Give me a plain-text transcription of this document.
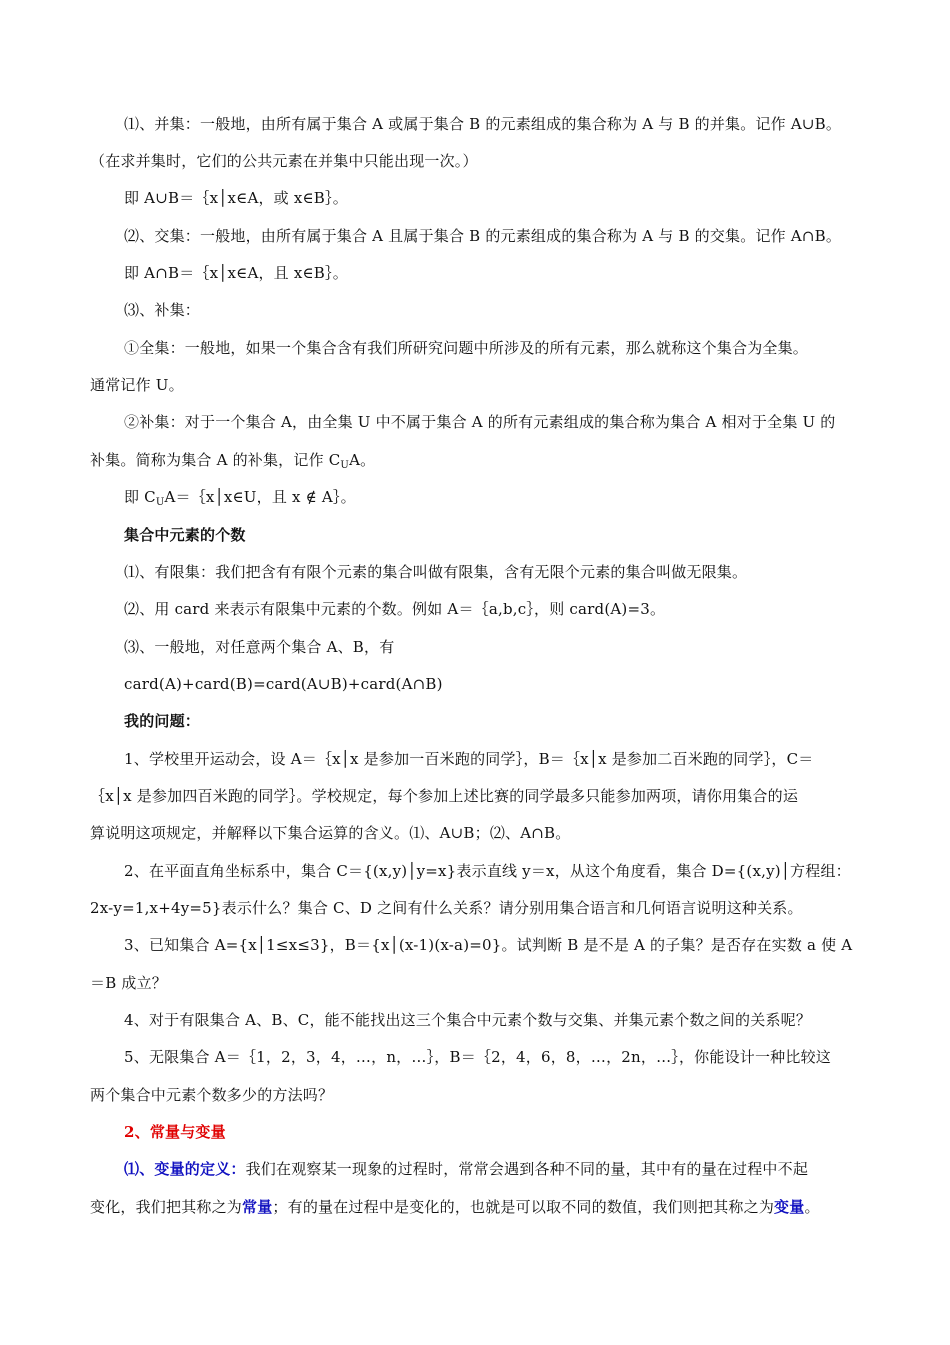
⑴、并集：一般地，由所有属于集合 A 或属于集合 B 的元素组成的集合称为 A 与 B 的并集。记作 A∪B。
（在求并集时，它们的公共元素在并集中只能出现一次。）
即 A∪B＝｛x│x∈A，或 x∈B｝。
⑵、交集：一般地，由所有属于集合 A 且属于集合 B 的元素组成的集合称为 A 与 B 的交集。记作 A∩B。
即 A∩B＝｛x│x∈A，且 x∈B｝。
⑶、补集：
①全集：一般地，如果一个集合含有我们所研究问题中所涉及的所有元素，那么就称这个集合为全集。
通常记作 U。
②补集：对于一个集合 A，由全集 U 中不属于集合 A 的所有元素组成的集合称为集合 A 相对于全集 U 的
补集。简称为集合 A 的补集，记作 $C_UA$。
即 $C_UA=\{x│x\in U$，且 x ∉ A｝。
集合中元素的个数
⑴、有限集：我们把含有有限个元素的集合叫做有限集，含有无限个元素的集合叫做无限集。
⑵、用 card 来表示有限集中元素的个数。例如 A＝｛a,b,c｝，则 card(A)=3。
⑶、一般地，对任意两个集合 A、B，有
card(A)+card(B)=card(A∪B)+card(A∩B)
我的问题：
1、学校里开运动会，设 A＝｛x│x 是参加一百米跑的同学｝，B＝｛x│x 是参加二百米跑的同学｝，C＝
｛x│x 是参加四百米跑的同学｝。学校规定，每个参加上述比赛的同学最多只能参加两项，请你用集合的运
算说明这项规定，并解释以下集合运算的含义。⑴、A∪B；⑵、A∩B。
2、在平面直角坐标系中，集合 C＝{(x,y)│y=x}表示直线 y＝x，从这个角度看，集合 D={(x,y)│方程组：
2x-y=1,x+4y=5}表示什么？集合 C、D 之间有什么关系？请分别用集合语言和几何语言说明这种关系。
3、已知集合 A={x│1≤x≤3}，B＝{x│(x-1)(x-a)=0}。试判断 B 是不是 A 的子集？是否存在实数 a 使 A
＝B 成立？
4、对于有限集合 A、B、C，能不能找出这三个集合中元素个数与交集、并集元素个数之间的关系呢？
5、无限集合 A＝｛1，2，3，4，…，n，…｝，B＝｛2，4，6，8，…，2n，…｝，你能设计一种比较这
两个集合中元素个数多少的方法吗？
2、常量与变量
⑴、变量的定义：我们在观察某一现象的过程时，常常会遇到各种不同的量，其中有的量在过程中不起
变化，我们把其称之为常量；有的量在过程中是变化的，也就是可以取不同的数值，我们则把其称之为变量。
